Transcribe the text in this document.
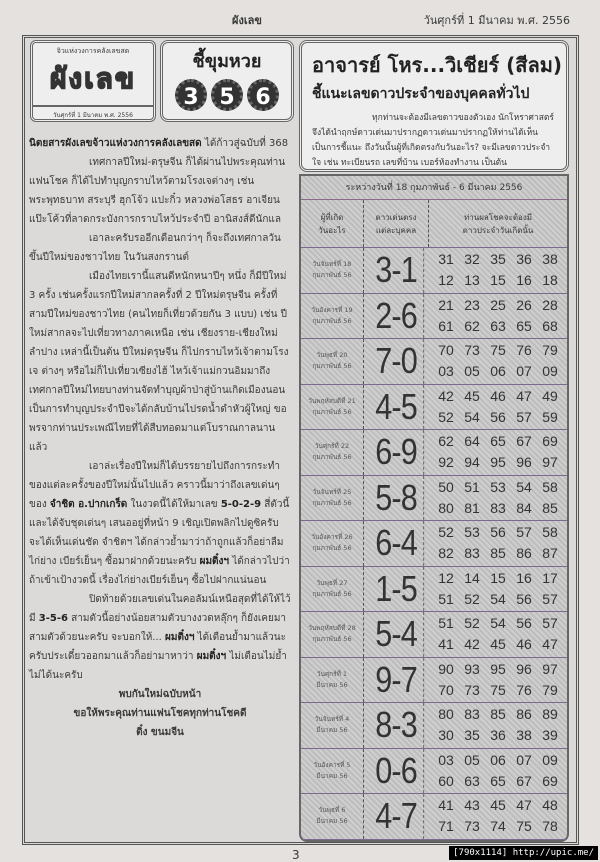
ผังเลข	วันศุกร์ที่ 1 มีนาคม พ.ศ. 2556
จิวแห่งวงการคลังเลขสด
ผังเลข
วันศุกร์ที่ 1 มีนาคม พ.ศ. 2556
ชี้ขุมหวย
3 5 6

นิตยสารผังเลขจ้าวแห่งวงการคลังเลขสด ได้ก้าวสู่ฉบับที่ 368

เทศกาลปีใหม่-ตรุษจีน ก็ได้ผ่านไปพระคุณท่านแฟนโชค ก็ได้ไปทำบุญกราบไหว้ตามโรงเจต่างๆ เช่น พระพุทธบาท สระบุรี ฮุกโจ้ว แปะกิ๋ว หลวงพ่อโสธร อาเจียนแป๊ะโค้วที่ลาดกระบังการกราบไหว้ประจำปี อานิสงส์ดีนักแล

เอาละครับรออีกเดือนกว่าๆ ก็จะถึงเทศกาลวันขึ้นปีใหม่ของชาวไทย ในวันสงกรานต์

เมืองไทยเรานี้แสนดีหนักหนาปีๆ หนึ่ง ก็มีปีใหม่ 3 ครั้ง เช่นครั้งแรกปีใหม่สากลครั้งที่ 2 ปีใหม่ตรุษจีน ครั้งที่สามปีใหม่ของชาวไทย (คนไทยก็เที่ยวด้วยกัน 3 แบบ) เช่น ปีใหม่สากลจะไปเที่ยวทางภาคเหนือ เช่น เชียงราย-เชียงใหม่ ลำปาง เหล่านี้เป็นต้น ปีใหม่ตรุษจีน ก็ไปกราบไหว้เจ้าตามโรงเจ ต่างๆ หรือไม่ก็ไปเที่ยวเซียงไฮ้ ไหว้เจ้าแม่กวนอิมมาถึงเทศกาลปีใหม่ไทยบางท่านจัดทำบุญผ้าป่าสู่บ้านเกิดเมืองนอนเป็นการทำบุญประจำปีจะได้กลับบ้านไปรดน้ำดำหัวผู้ใหญ่ ขอพรจากท่านประเพณีไทยที่ได้สืบทอดมาแต่โบราณกาลนานแล้ว

เอาล่ะเรื่องปีใหม่ก็ได้บรรยายไปถึงการกระทำของแต่ละครั้งของปีใหม่นั้นไปแล้ว คราวนี้มาว่าถึงเลขเด่นๆ ของ จำชิต อ.ปากเกร็ด ในงวดนี้ได้ให้มาเลข 5-0-2-9 สี่ตัวนี้ และได้จับชุดเด่นๆ เสนออยู่ที่หน้า 9 เชิญเปิดพลิกไปดูซิครับ จะได้เห็นเด่นชัด จำชิตฯ ได้กล่าวย้ำมาว่าถ้าถูกแล้วก็อย่าลืม ไก่ย่าง เบียร์เย็นๆ ซื้อมาฝากด้วยนะครับ ผมติ๋งฯ ได้กล่าวไปว่า ถ้าเข้าเป้างวดนี้ เรื่องไก่ย่างเบียร์เย็นๆ ซื้อไปฝากแน่นอน

ปิดท้ายด้วยเลขเด่นในคอลัมน์เหนือสุดที่ได้ให้ไว้มี 3-5-6 สามตัวนี้อย่างน้อยสามตัวบางงวดหลุ๊กๆ ก็ยังเคยมาสามตัวด้วยนะครับ จะบอกให้... ผมติ๋งฯ ได้เตือนย้ำมาแล้วนะครับประเดี๋ยวออกมาแล้วก็อย่ามาหาว่า ผมติ๋งฯ ไม่เตือนไม่ย้ำไม่ได้นะครับ

พบกันใหม่ฉบับหน้า

ขอให้พระคุณท่านแฟนโชคทุกท่านโชคดี

ติ๋ง ขนมจีน

อาจารย์ โหร...วิเชียร์ (สีลม)
ชี้แนะเลขดาวประจำของบุคคลทั่วไป

ทุกท่านจะต้องมีเลขดาวของตัวเอง นักโหราศาสตร์จึงได้นำฤกษ์ดาวเด่นมาปรากฏดาวเด่นมาปรากฏให้ท่านได้เห็นเป็นการชี้แนะ ถึงวันนั้นผู้ที่เกิดตรงกับวันอะไร? จะมีเลขดาวประจำใจ เช่น ทะเบียนรถ เลขที่บ้าน เบอร์ห้องทำงาน เป็นต้น

ระหว่างวันที่ 18 กุมภาพันธ์ - 6 มีนาคม 2556
ผู้ที่เกิด
วันอะไร
ดาวเด่นตรง
แต่ละบุคคล
ท่านผลโชคจะต้องมี
ดาวประจำวันเกิดนั้น
วันจันทร์ที่ 18
กุมภาพันธ์ 56 3-1	31 32 35 36 38
12 13 15 16 18
วันอังคารที่ 19
กุมภาพันธ์ 56 2-6	21 23 25 26 28
61 62 63 65 68
วันพุธที่ 20
กุมภาพันธ์ 56 7-0	70 73 75 76 79
03 05 06 07 09
วันพฤหัสบดีที่ 21
กุมภาพันธ์ 56 4-5	42 45 46 47 49
52 54 56 57 59
วันศุกร์ที่ 22
กุมภาพันธ์ 56 6-9	62 64 65 67 69
92 94 95 96 97
วันจันทร์ที่ 25
กุมภาพันธ์ 56 5-8	50 51 53 54 58
80 81 83 84 85
วันอังคารที่ 26
กุมภาพันธ์ 56 6-4	52 53 56 57 58
82 83 85 86 87
วันพุธที่ 27
กุมภาพันธ์ 56 1-5	12 14 15 16 17
51 52 54 56 57
วันพฤหัสบดีที่ 28
กุมภาพันธ์ 56 5-4	51 52 54 56 57
41 42 45 46 47
วันศุกร์ที่ 1
มีนาคม 56 9-7	90 93 95 96 97
70 73 75 76 79
วันจันทร์ที่ 4
มีนาคม 56 8-3	80 83 85 86 89
30 35 36 38 39
วันอังคารที่ 5
มีนาคม 56 0-6	03 05 06 07 09
60 63 65 67 69
วันพุธที่ 6
มีนาคม 56 4-7	41 43 45 47 48
71 73 74 75 78
3	[790x1114] http://upic.me/
